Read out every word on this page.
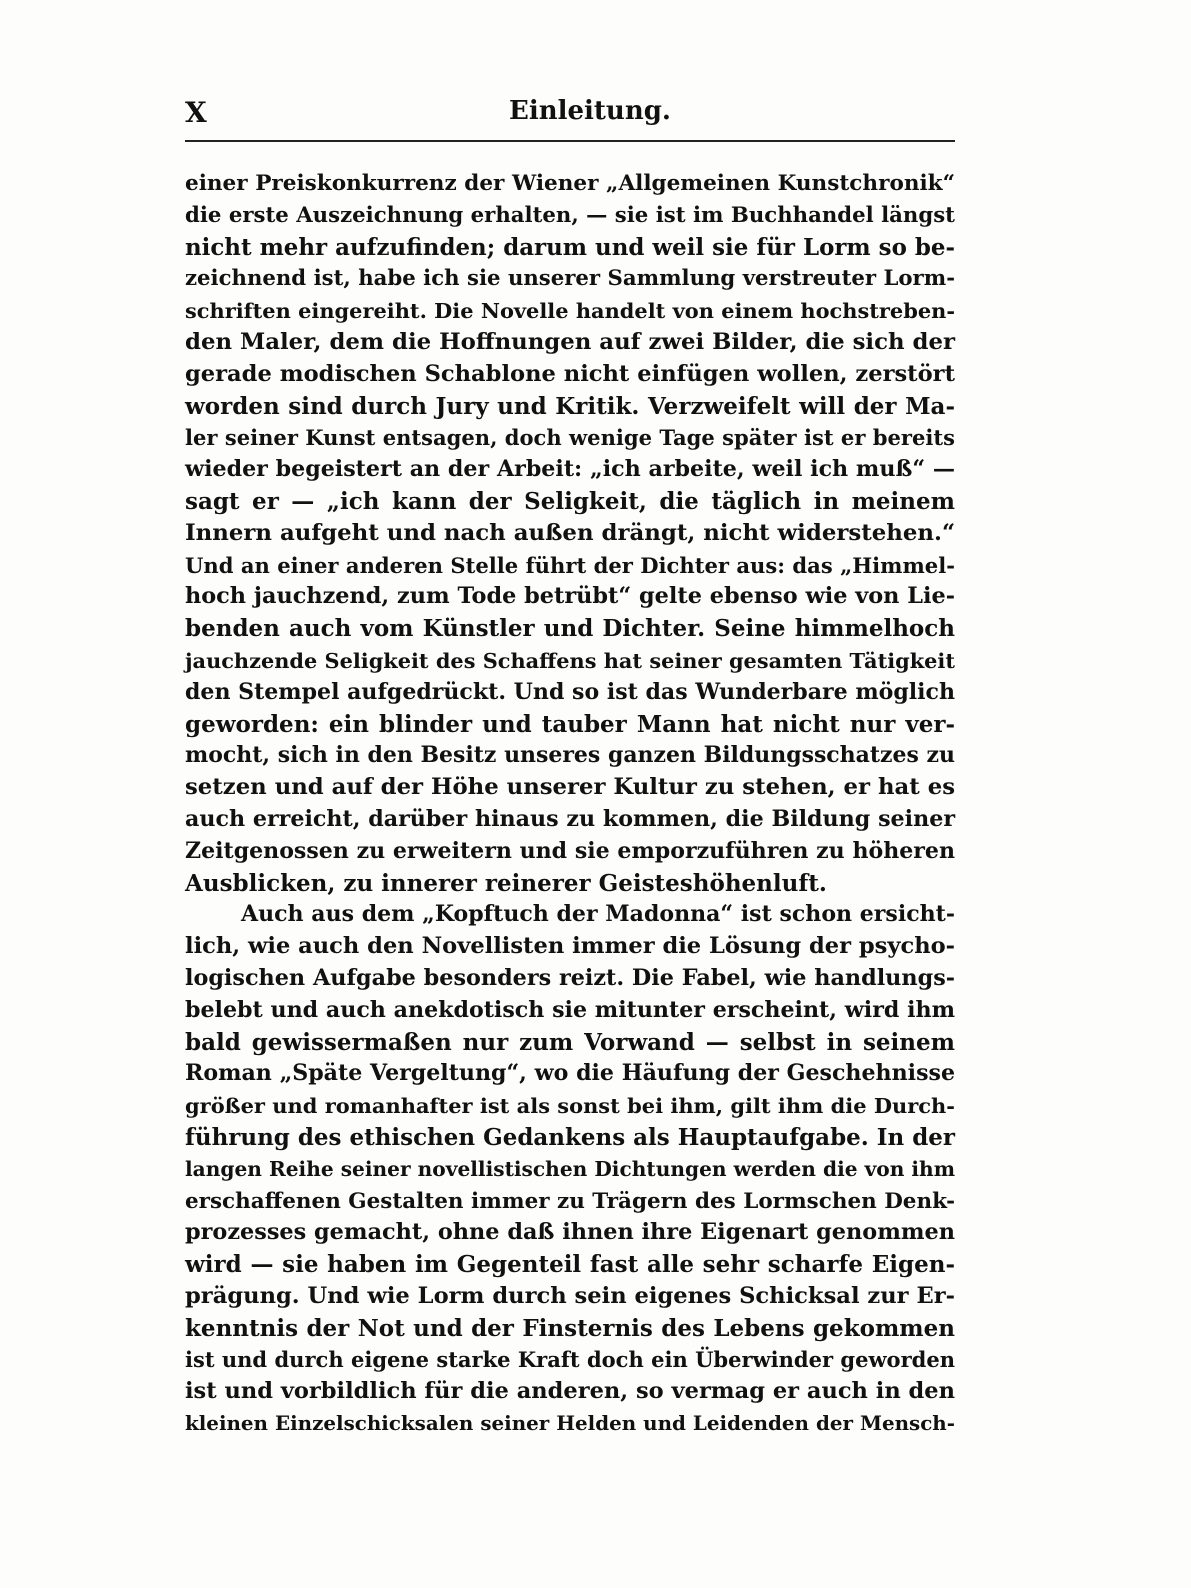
X	Einleitung.
einer Preiskonkurrenz der Wiener „Allgemeinen Kunstchronik“
die erste Auszeichnung erhalten, — sie ist im Buchhandel längst
nicht mehr aufzufinden; darum und weil sie für Lorm so be-
zeichnend ist, habe ich sie unserer Sammlung verstreuter Lorm-
schriften eingereiht. Die Novelle handelt von einem hochstreben-
den Maler, dem die Hoffnungen auf zwei Bilder, die sich der
gerade modischen Schablone nicht einfügen wollen, zerstört
worden sind durch Jury und Kritik. Verzweifelt will der Ma-
ler seiner Kunst entsagen, doch wenige Tage später ist er bereits
wieder begeistert an der Arbeit: „ich arbeite, weil ich muß“ —
sagt er — „ich kann der Seligkeit, die täglich in meinem
Innern aufgeht und nach außen drängt, nicht widerstehen.“
Und an einer anderen Stelle führt der Dichter aus: das „Himmel-
hoch jauchzend, zum Tode betrübt“ gelte ebenso wie von Lie-
benden auch vom Künstler und Dichter. Seine himmelhoch
jauchzende Seligkeit des Schaffens hat seiner gesamten Tätigkeit
den Stempel aufgedrückt. Und so ist das Wunderbare möglich
geworden: ein blinder und tauber Mann hat nicht nur ver-
mocht, sich in den Besitz unseres ganzen Bildungsschatzes zu
setzen und auf der Höhe unserer Kultur zu stehen, er hat es
auch erreicht, darüber hinaus zu kommen, die Bildung seiner
Zeitgenossen zu erweitern und sie emporzuführen zu höheren
Ausblicken, zu innerer reinerer Geisteshöhenluft.
Auch aus dem „Kopftuch der Madonna“ ist schon ersicht-
lich, wie auch den Novellisten immer die Lösung der psycho-
logischen Aufgabe besonders reizt. Die Fabel, wie handlungs-
belebt und auch anekdotisch sie mitunter erscheint, wird ihm
bald gewissermaßen nur zum Vorwand — selbst in seinem
Roman „Späte Vergeltung“, wo die Häufung der Geschehnisse
größer und romanhafter ist als sonst bei ihm, gilt ihm die Durch-
führung des ethischen Gedankens als Hauptaufgabe. In der
langen Reihe seiner novellistischen Dichtungen werden die von ihm
erschaffenen Gestalten immer zu Trägern des Lormschen Denk-
prozesses gemacht, ohne daß ihnen ihre Eigenart genommen
wird — sie haben im Gegenteil fast alle sehr scharfe Eigen-
prägung. Und wie Lorm durch sein eigenes Schicksal zur Er-
kenntnis der Not und der Finsternis des Lebens gekommen
ist und durch eigene starke Kraft doch ein Überwinder geworden
ist und vorbildlich für die anderen, so vermag er auch in den
kleinen Einzelschicksalen seiner Helden und Leidenden der Mensch-
